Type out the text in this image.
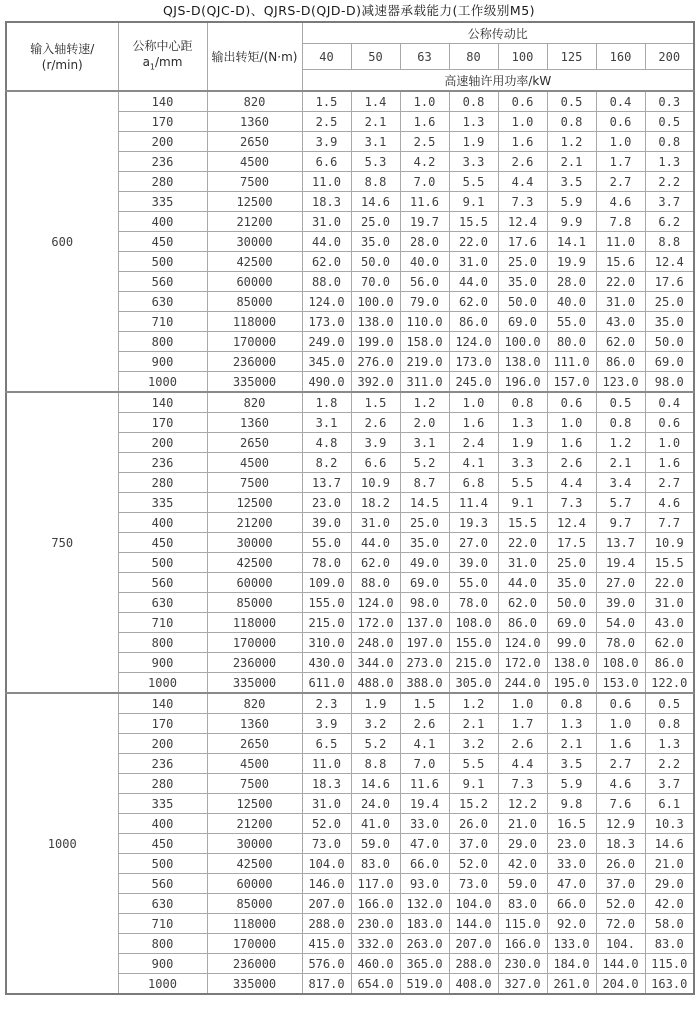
QJS-D(QJC-D)、QJRS-D(QJD-D)减速器承载能力(工作级别M5)
输入轴转速/
(r/min)	公称中心距
$a_1/mm$	输出转矩/(N·m)	公称传动比							
			40	50	63	80	100	125	160	200
			高速轴许用功率/kW							
600	140	820	1.5	1.4	1.0	0.8	0.6	0.5	0.4	0.3
	170	1360	2.5	2.1	1.6	1.3	1.0	0.8	0.6	0.5
	200	2650	3.9	3.1	2.5	1.9	1.6	1.2	1.0	0.8
	236	4500	6.6	5.3	4.2	3.3	2.6	2.1	1.7	1.3
	280	7500	11.0	8.8	7.0	5.5	4.4	3.5	2.7	2.2
	335	12500	18.3	14.6	11.6	9.1	7.3	5.9	4.6	3.7
	400	21200	31.0	25.0	19.7	15.5	12.4	9.9	7.8	6.2
	450	30000	44.0	35.0	28.0	22.0	17.6	14.1	11.0	8.8
	500	42500	62.0	50.0	40.0	31.0	25.0	19.9	15.6	12.4
	560	60000	88.0	70.0	56.0	44.0	35.0	28.0	22.0	17.6
	630	85000	124.0	100.0	79.0	62.0	50.0	40.0	31.0	25.0
	710	118000	173.0	138.0	110.0	86.0	69.0	55.0	43.0	35.0
	800	170000	249.0	199.0	158.0	124.0	100.0	80.0	62.0	50.0
	900	236000	345.0	276.0	219.0	173.0	138.0	111.0	86.0	69.0
	1000	335000	490.0	392.0	311.0	245.0	196.0	157.0	123.0	98.0
750	140	820	1.8	1.5	1.2	1.0	0.8	0.6	0.5	0.4
	170	1360	3.1	2.6	2.0	1.6	1.3	1.0	0.8	0.6
	200	2650	4.8	3.9	3.1	2.4	1.9	1.6	1.2	1.0
	236	4500	8.2	6.6	5.2	4.1	3.3	2.6	2.1	1.6
	280	7500	13.7	10.9	8.7	6.8	5.5	4.4	3.4	2.7
	335	12500	23.0	18.2	14.5	11.4	9.1	7.3	5.7	4.6
	400	21200	39.0	31.0	25.0	19.3	15.5	12.4	9.7	7.7
	450	30000	55.0	44.0	35.0	27.0	22.0	17.5	13.7	10.9
	500	42500	78.0	62.0	49.0	39.0	31.0	25.0	19.4	15.5
	560	60000	109.0	88.0	69.0	55.0	44.0	35.0	27.0	22.0
	630	85000	155.0	124.0	98.0	78.0	62.0	50.0	39.0	31.0
	710	118000	215.0	172.0	137.0	108.0	86.0	69.0	54.0	43.0
	800	170000	310.0	248.0	197.0	155.0	124.0	99.0	78.0	62.0
	900	236000	430.0	344.0	273.0	215.0	172.0	138.0	108.0	86.0
	1000	335000	611.0	488.0	388.0	305.0	244.0	195.0	153.0	122.0
1000	140	820	2.3	1.9	1.5	1.2	1.0	0.8	0.6	0.5
	170	1360	3.9	3.2	2.6	2.1	1.7	1.3	1.0	0.8
	200	2650	6.5	5.2	4.1	3.2	2.6	2.1	1.6	1.3
	236	4500	11.0	8.8	7.0	5.5	4.4	3.5	2.7	2.2
	280	7500	18.3	14.6	11.6	9.1	7.3	5.9	4.6	3.7
	335	12500	31.0	24.0	19.4	15.2	12.2	9.8	7.6	6.1
	400	21200	52.0	41.0	33.0	26.0	21.0	16.5	12.9	10.3
	450	30000	73.0	59.0	47.0	37.0	29.0	23.0	18.3	14.6
	500	42500	104.0	83.0	66.0	52.0	42.0	33.0	26.0	21.0
	560	60000	146.0	117.0	93.0	73.0	59.0	47.0	37.0	29.0
	630	85000	207.0	166.0	132.0	104.0	83.0	66.0	52.0	42.0
	710	118000	288.0	230.0	183.0	144.0	115.0	92.0	72.0	58.0
	800	170000	415.0	332.0	263.0	207.0	166.0	133.0	104.	83.0
	900	236000	576.0	460.0	365.0	288.0	230.0	184.0	144.0	115.0
	1000	335000	817.0	654.0	519.0	408.0	327.0	261.0	204.0	163.0
